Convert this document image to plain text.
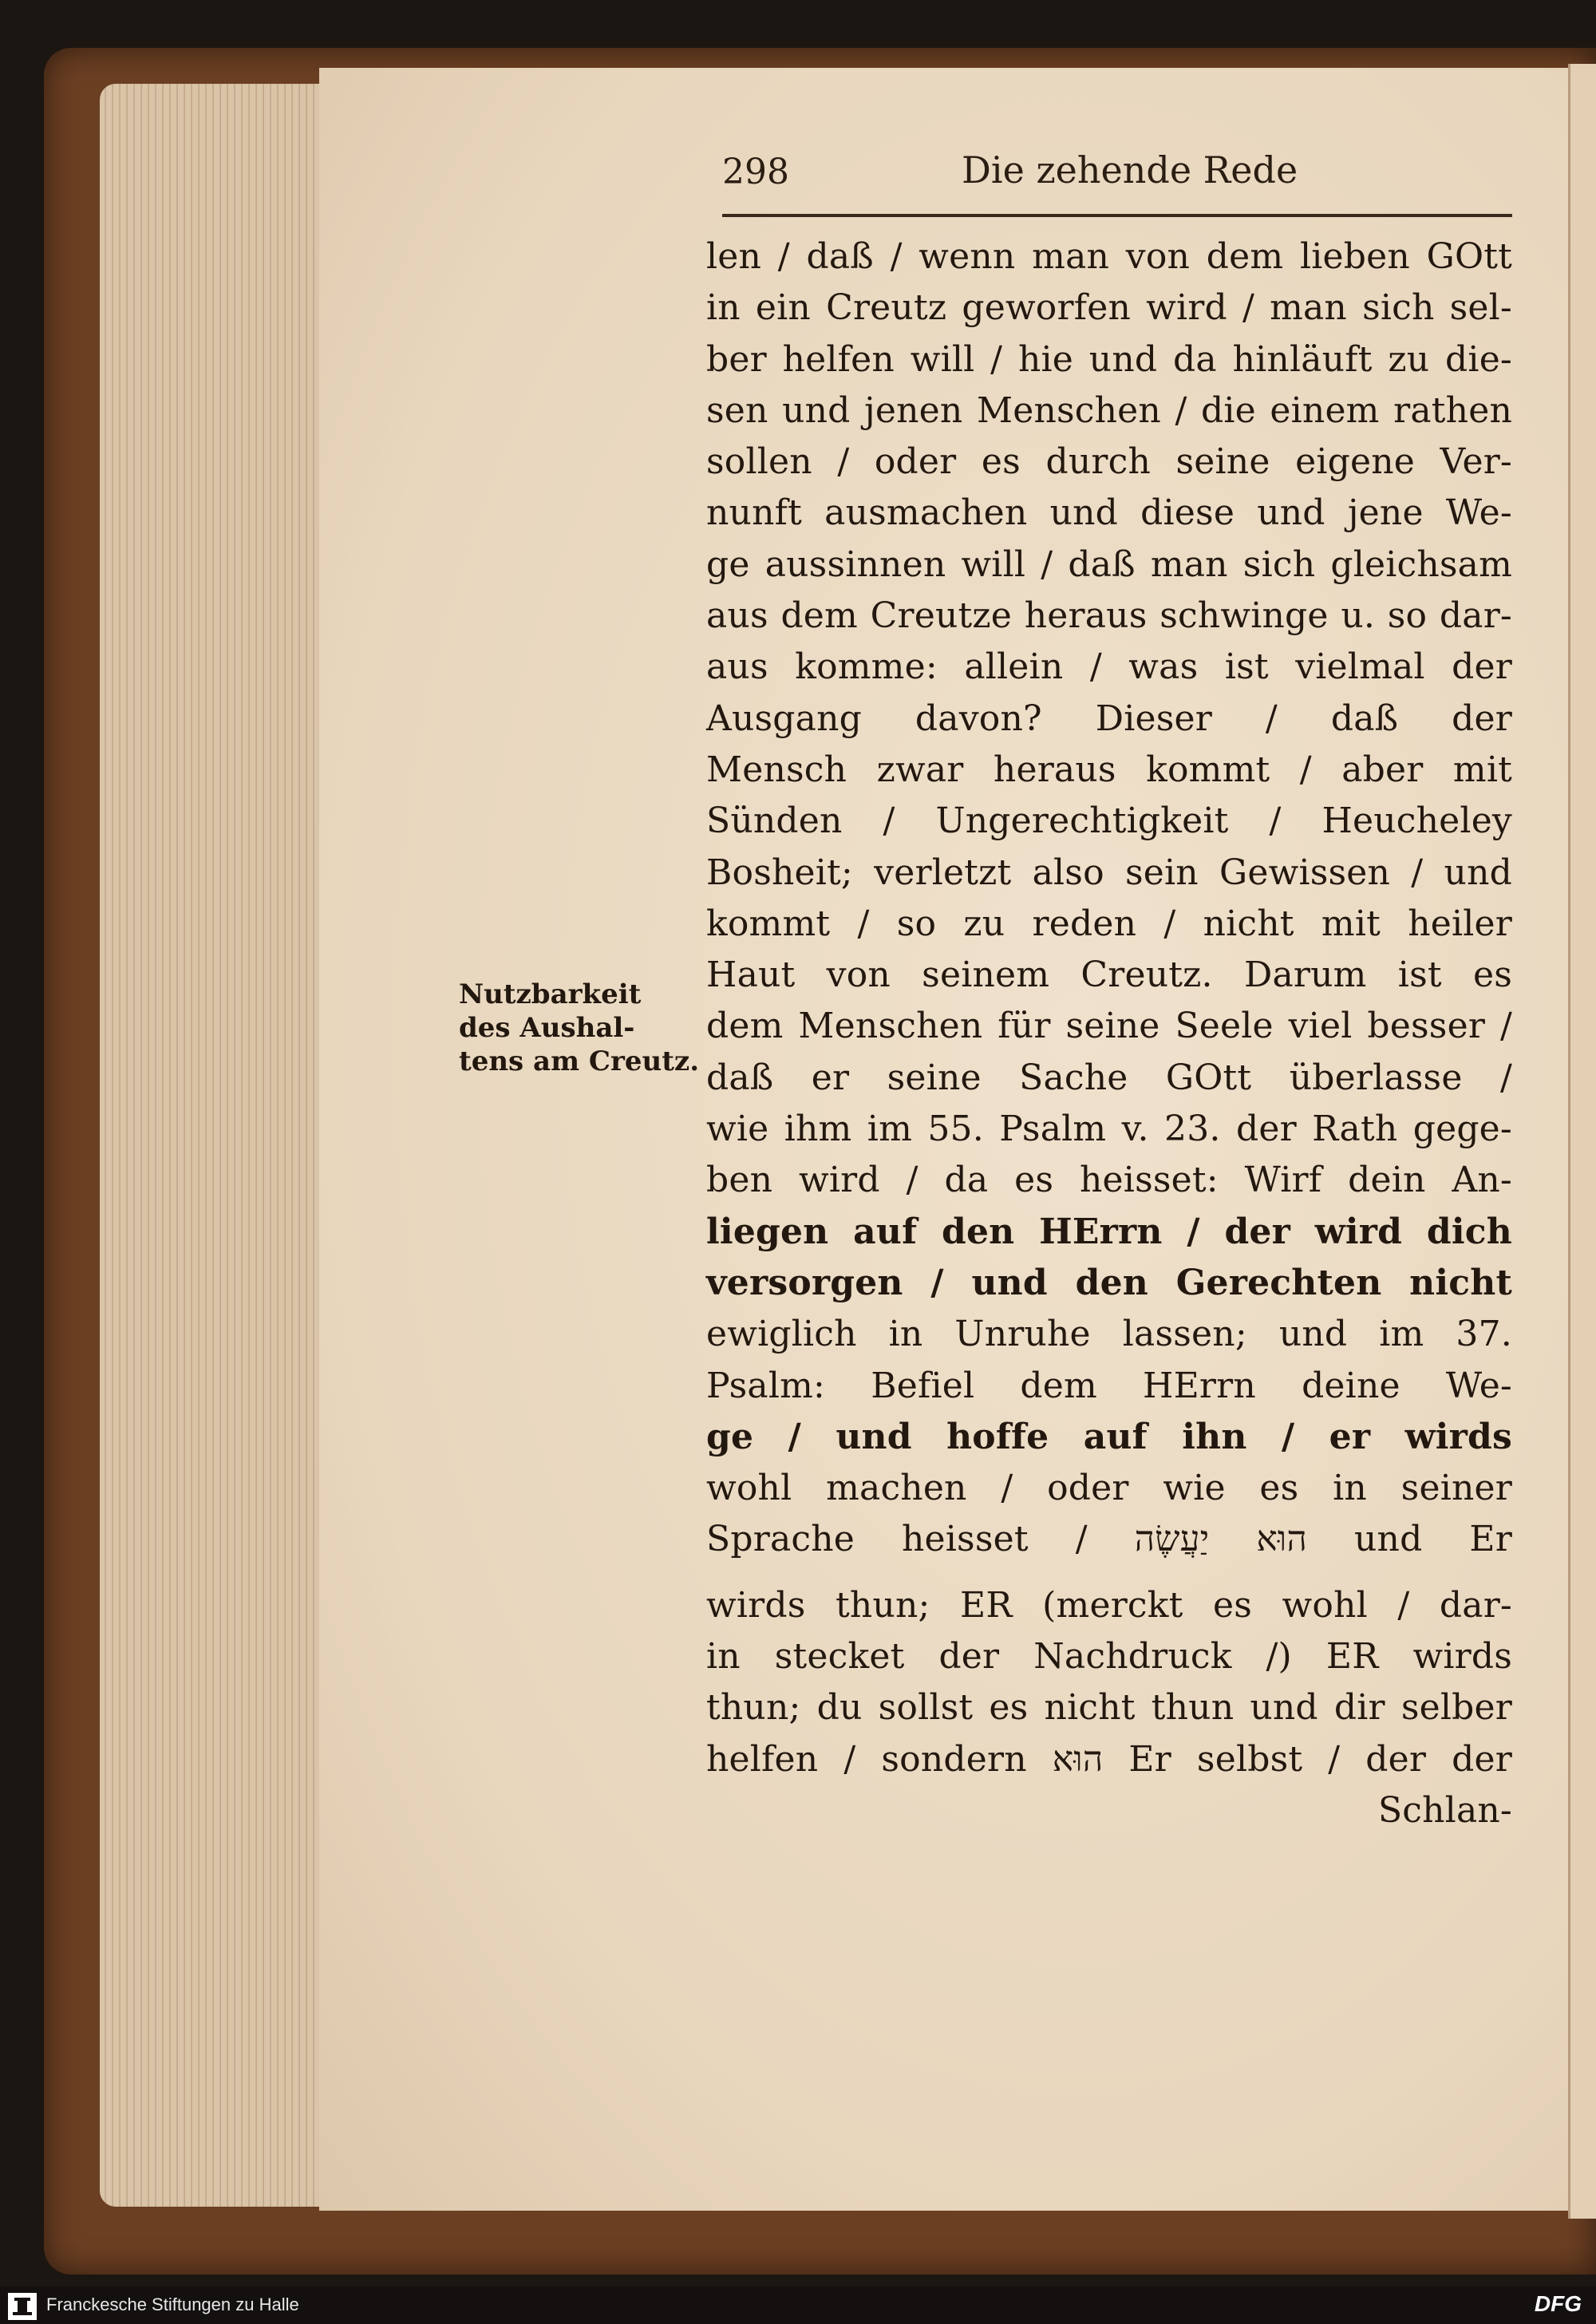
298	Die zehende Rede
Nutzbarkeit
des Aushal-
tens am Creutz.
len / daß / wenn man von dem lieben GOtt
in ein Creutz geworfen wird / man sich sel-
ber helfen will / hie und da hinläuft zu die-
sen und jenen Menschen / die einem rathen
sollen / oder es durch seine eigene Ver-
nunft ausmachen und diese und jene We-
ge aussinnen will / daß man sich gleichsam
aus dem Creutze heraus schwinge u. so dar-
aus komme: allein / was ist vielmal der
Ausgang davon? Dieser / daß der
Mensch zwar heraus kommt / aber mit
Sünden / Ungerechtigkeit / Heucheley
Bosheit; verletzt also sein Gewissen / und
kommt / so zu reden / nicht mit heiler
Haut von seinem Creutz. Darum ist es
dem Menschen für seine Seele viel besser /
daß er seine Sache GOtt überlasse /
wie ihm im 55. Psalm v. 23. der Rath gege-
ben wird / da es heisset: Wirf dein An-
liegen auf den HErrn / der wird dich
versorgen / und den Gerechten nicht
ewiglich in Unruhe lassen; und im 37.
Psalm: Befiel dem HErrn deine We-
ge / und hoffe auf ihn / er wirds
wohl machen / oder wie es in seiner
Sprache heisset / הוּא יַעֲשֶׂה und Er
wirds thun; ER (merckt es wohl / dar-
in stecket der Nachdruck /) ER wirds
thun; du sollst es nicht thun und dir selber
helfen / sondern הוּא Er selbst / der der
Schlan-
Franckesche Stiftungen zu Halle	DFG
